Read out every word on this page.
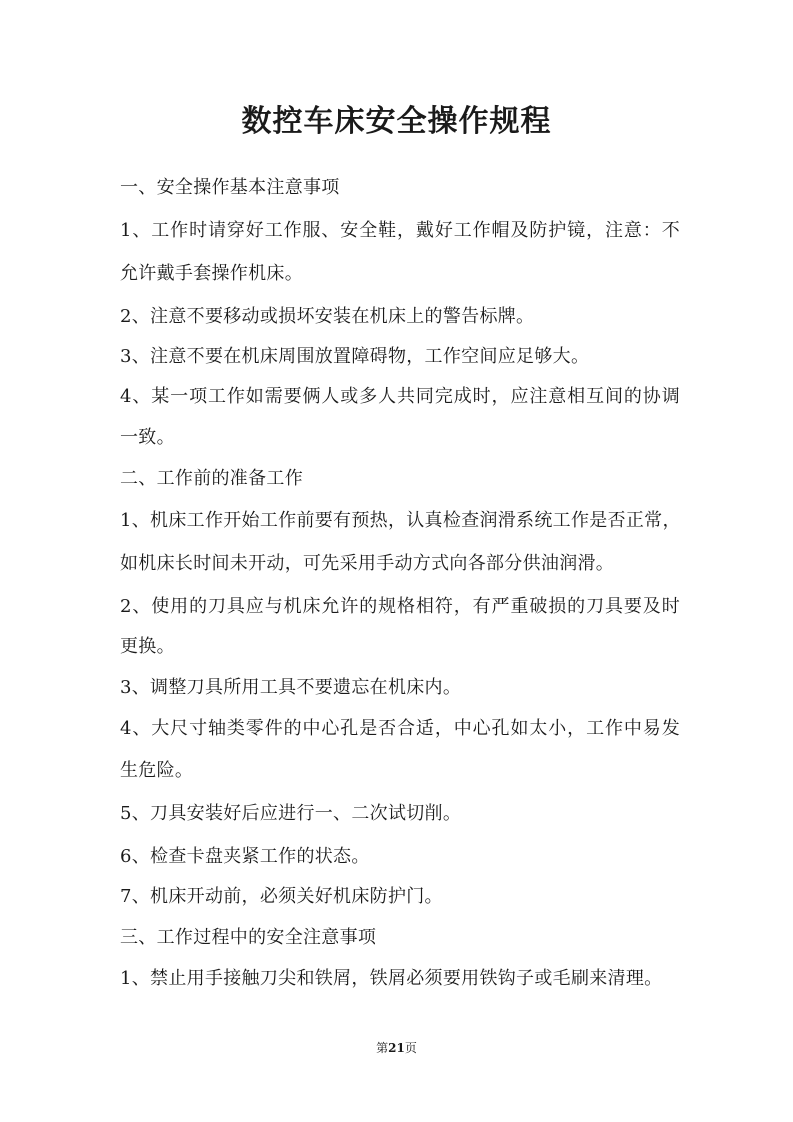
数控车床安全操作规程

一、安全操作基本注意事项

1、工作时请穿好工作服、安全鞋，戴好工作帽及防护镜，注意：不

允许戴手套操作机床。

2、注意不要移动或损坏安装在机床上的警告标牌。

3、注意不要在机床周围放置障碍物，工作空间应足够大。

4、某一项工作如需要俩人或多人共同完成时，应注意相互间的协调

一致。

二、工作前的准备工作

1、机床工作开始工作前要有预热，认真检查润滑系统工作是否正常，

如机床长时间未开动，可先采用手动方式向各部分供油润滑。

2、使用的刀具应与机床允许的规格相符，有严重破损的刀具要及时

更换。

3、调整刀具所用工具不要遗忘在机床内。

4、大尺寸轴类零件的中心孔是否合适，中心孔如太小，工作中易发

生危险。

5、刀具安装好后应进行一、二次试切削。

6、检查卡盘夹紧工作的状态。

7、机床开动前，必须关好机床防护门。

三、工作过程中的安全注意事项

1、禁止用手接触刀尖和铁屑，铁屑必须要用铁钩子或毛刷来清理。

第21页
